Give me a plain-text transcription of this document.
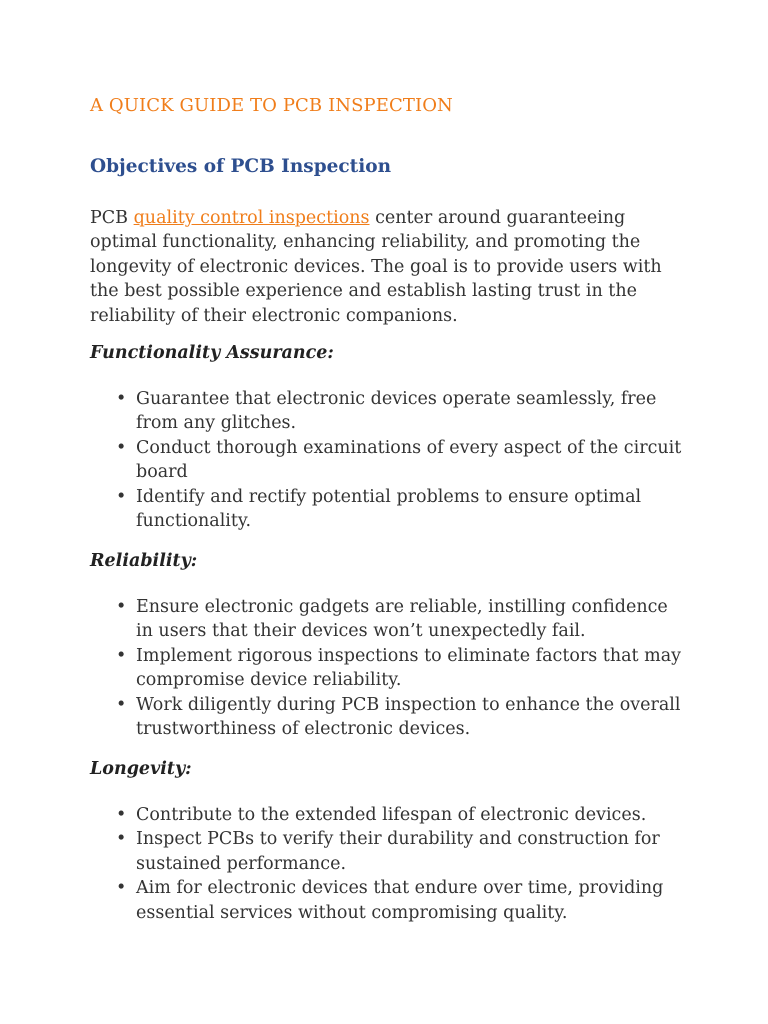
A QUICK GUIDE TO PCB INSPECTION
Objectives of PCB Inspection

PCB quality control inspections center around guaranteeing optimal functionality, enhancing reliability, and promoting the longevity of electronic devices. The goal is to provide users with the best possible experience and establish lasting trust in the reliability of their electronic companions.

Functionality Assurance:
• Guarantee that electronic devices operate seamlessly, free from any glitches.
• Conduct thorough examinations of every aspect of the circuit board
• Identify and rectify potential problems to ensure optimal functionality.
Reliability:
• Ensure electronic gadgets are reliable, instilling confidence in users that their devices won’t unexpectedly fail.
• Implement rigorous inspections to eliminate factors that may compromise device reliability.
• Work diligently during PCB inspection to enhance the overall trustworthiness of electronic devices.
Longevity:
• Contribute to the extended lifespan of electronic devices.
• Inspect PCBs to verify their durability and construction for sustained performance.
• Aim for electronic devices that endure over time, providing essential services without compromising quality.
